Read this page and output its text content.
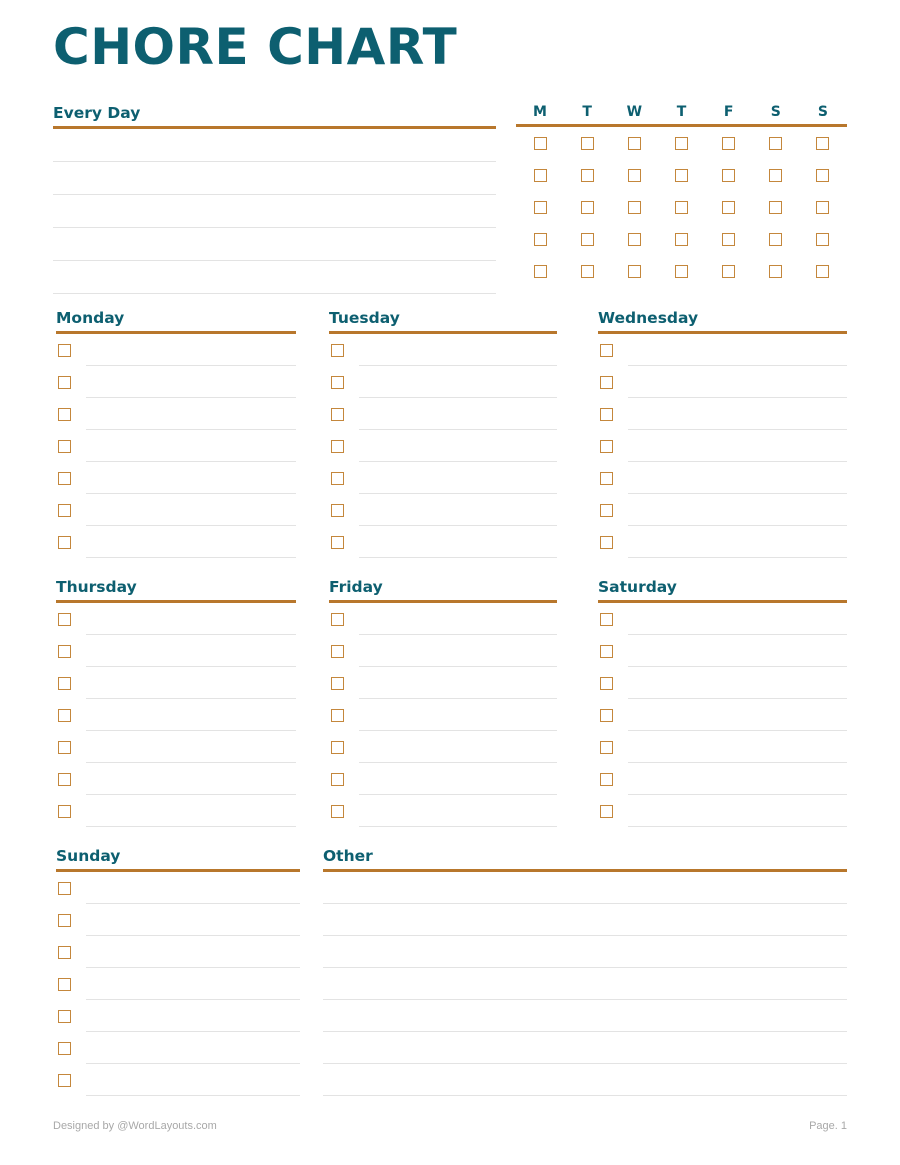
CHORE CHART
Every Day	M	T	W	T	F	S	S
Monday	Tuesday	Wednesday
Thursday	Friday	Saturday
Sunday	Other
Designed by @WordLayouts.com	Page. 1
